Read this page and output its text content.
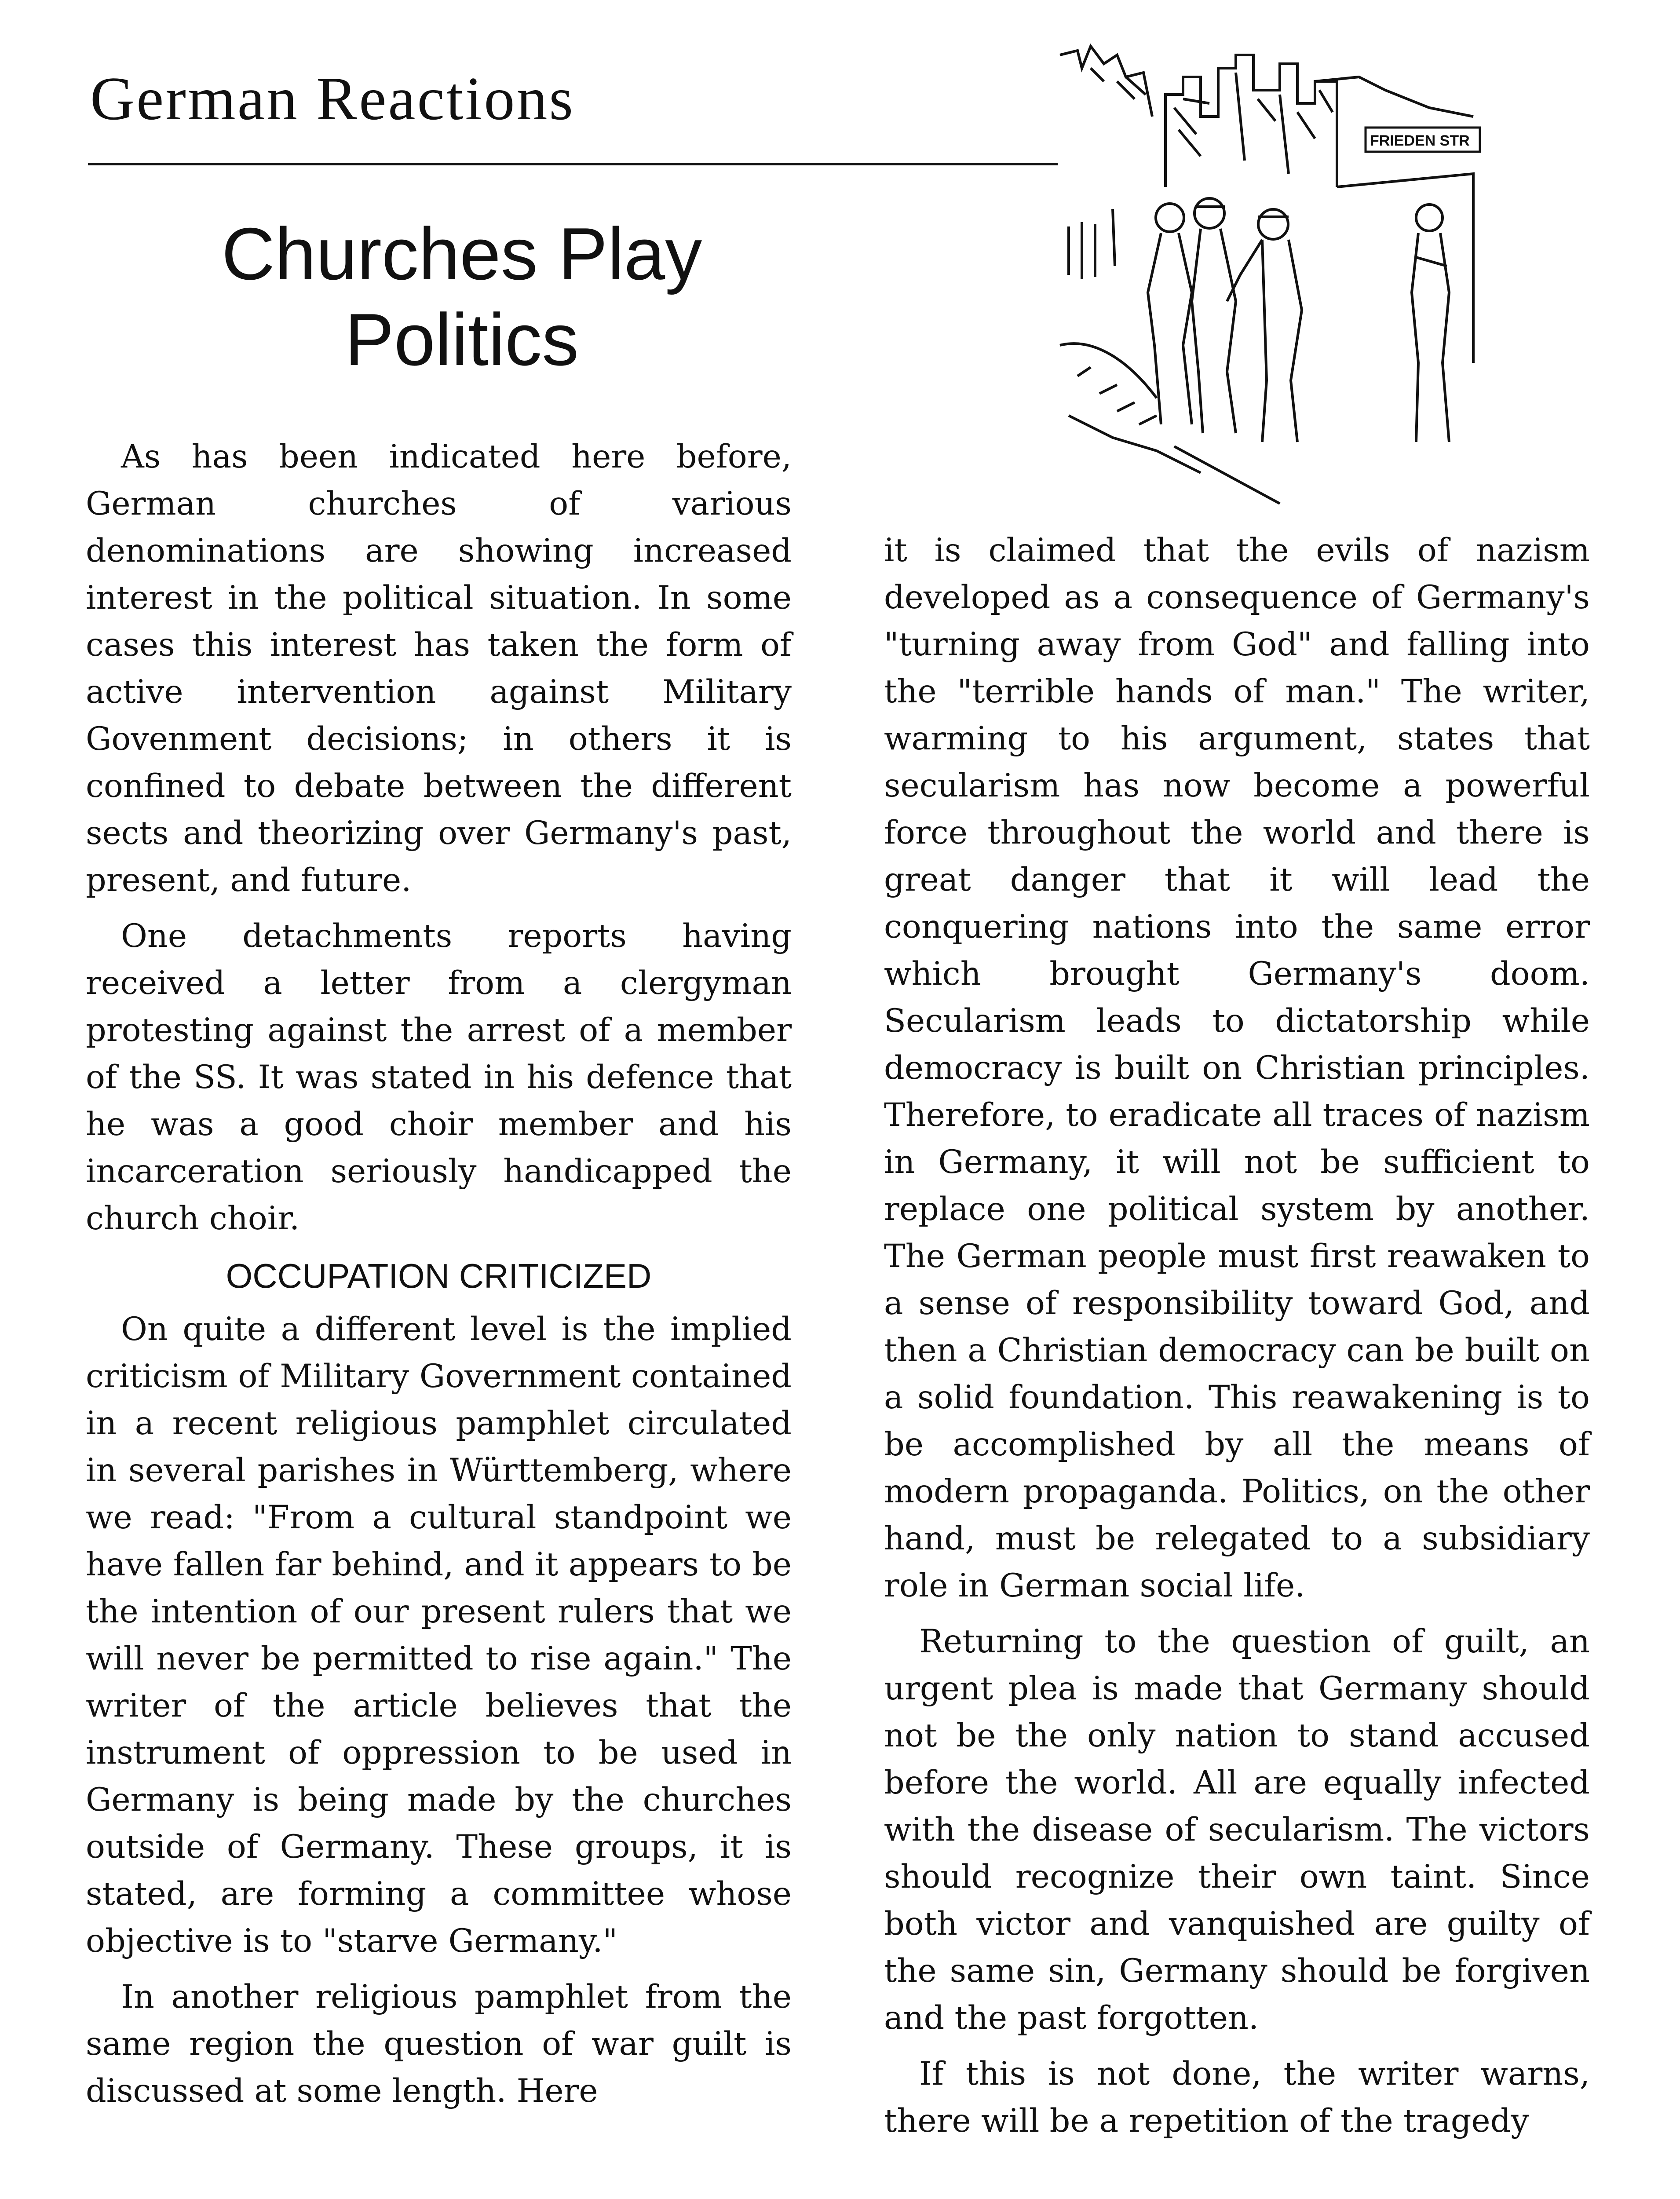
German Reactions
Churches Play
Politics
FRIEDEN STR

As has been indicated here before, German churches of various denominations are showing increased interest in the political situation. In some cases this interest has taken the form of active intervention against Military Govenment decisions; in others it is confined to debate between the different sects and theorizing over Germany's past, present, and future.

One detachments reports having received a letter from a clergyman protesting against the arrest of a member of the SS. It was stated in his defence that he was a good choir member and his incarceration seriously handicapped the church choir.

OCCUPATION CRITICIZED

On quite a different level is the implied criticism of Military Government contained in a recent religious pamphlet circulated in several parishes in Württemberg, where we read: "From a cultural standpoint we have fallen far behind, and it appears to be the intention of our present rulers that we will never be permitted to rise again." The writer of the article believes that the instrument of oppression to be used in Germany is being made by the churches outside of Germany. These groups, it is stated, are forming a committee whose objective is to "starve Germany."

In another religious pamphlet from the same region the question of war guilt is discussed at some length. Here

it is claimed that the evils of nazism developed as a consequence of Germany's "turning away from God" and falling into the "terrible hands of man." The writer, warming to his argument, states that secularism has now become a powerful force throughout the world and there is great danger that it will lead the conquering nations into the same error which brought Germany's doom. Secularism leads to dictatorship while democracy is built on Christian principles. Therefore, to eradicate all traces of nazism in Germany, it will not be sufficient to replace one political system by another. The German people must first reawaken to a sense of responsibility toward God, and then a Christian democracy can be built on a solid foundation. This reawakening is to be accomplished by all the means of modern propaganda. Politics, on the other hand, must be relegated to a subsidiary role in German social life.

Returning to the question of guilt, an urgent plea is made that Germany should not be the only nation to stand accused before the world. All are equally infected with the disease of secularism. The victors should recognize their own taint. Since both victor and vanquished are guilty of the same sin, Germany should be forgiven and the past forgotten.

If this is not done, the writer warns, there will be a repetition of the tragedy
